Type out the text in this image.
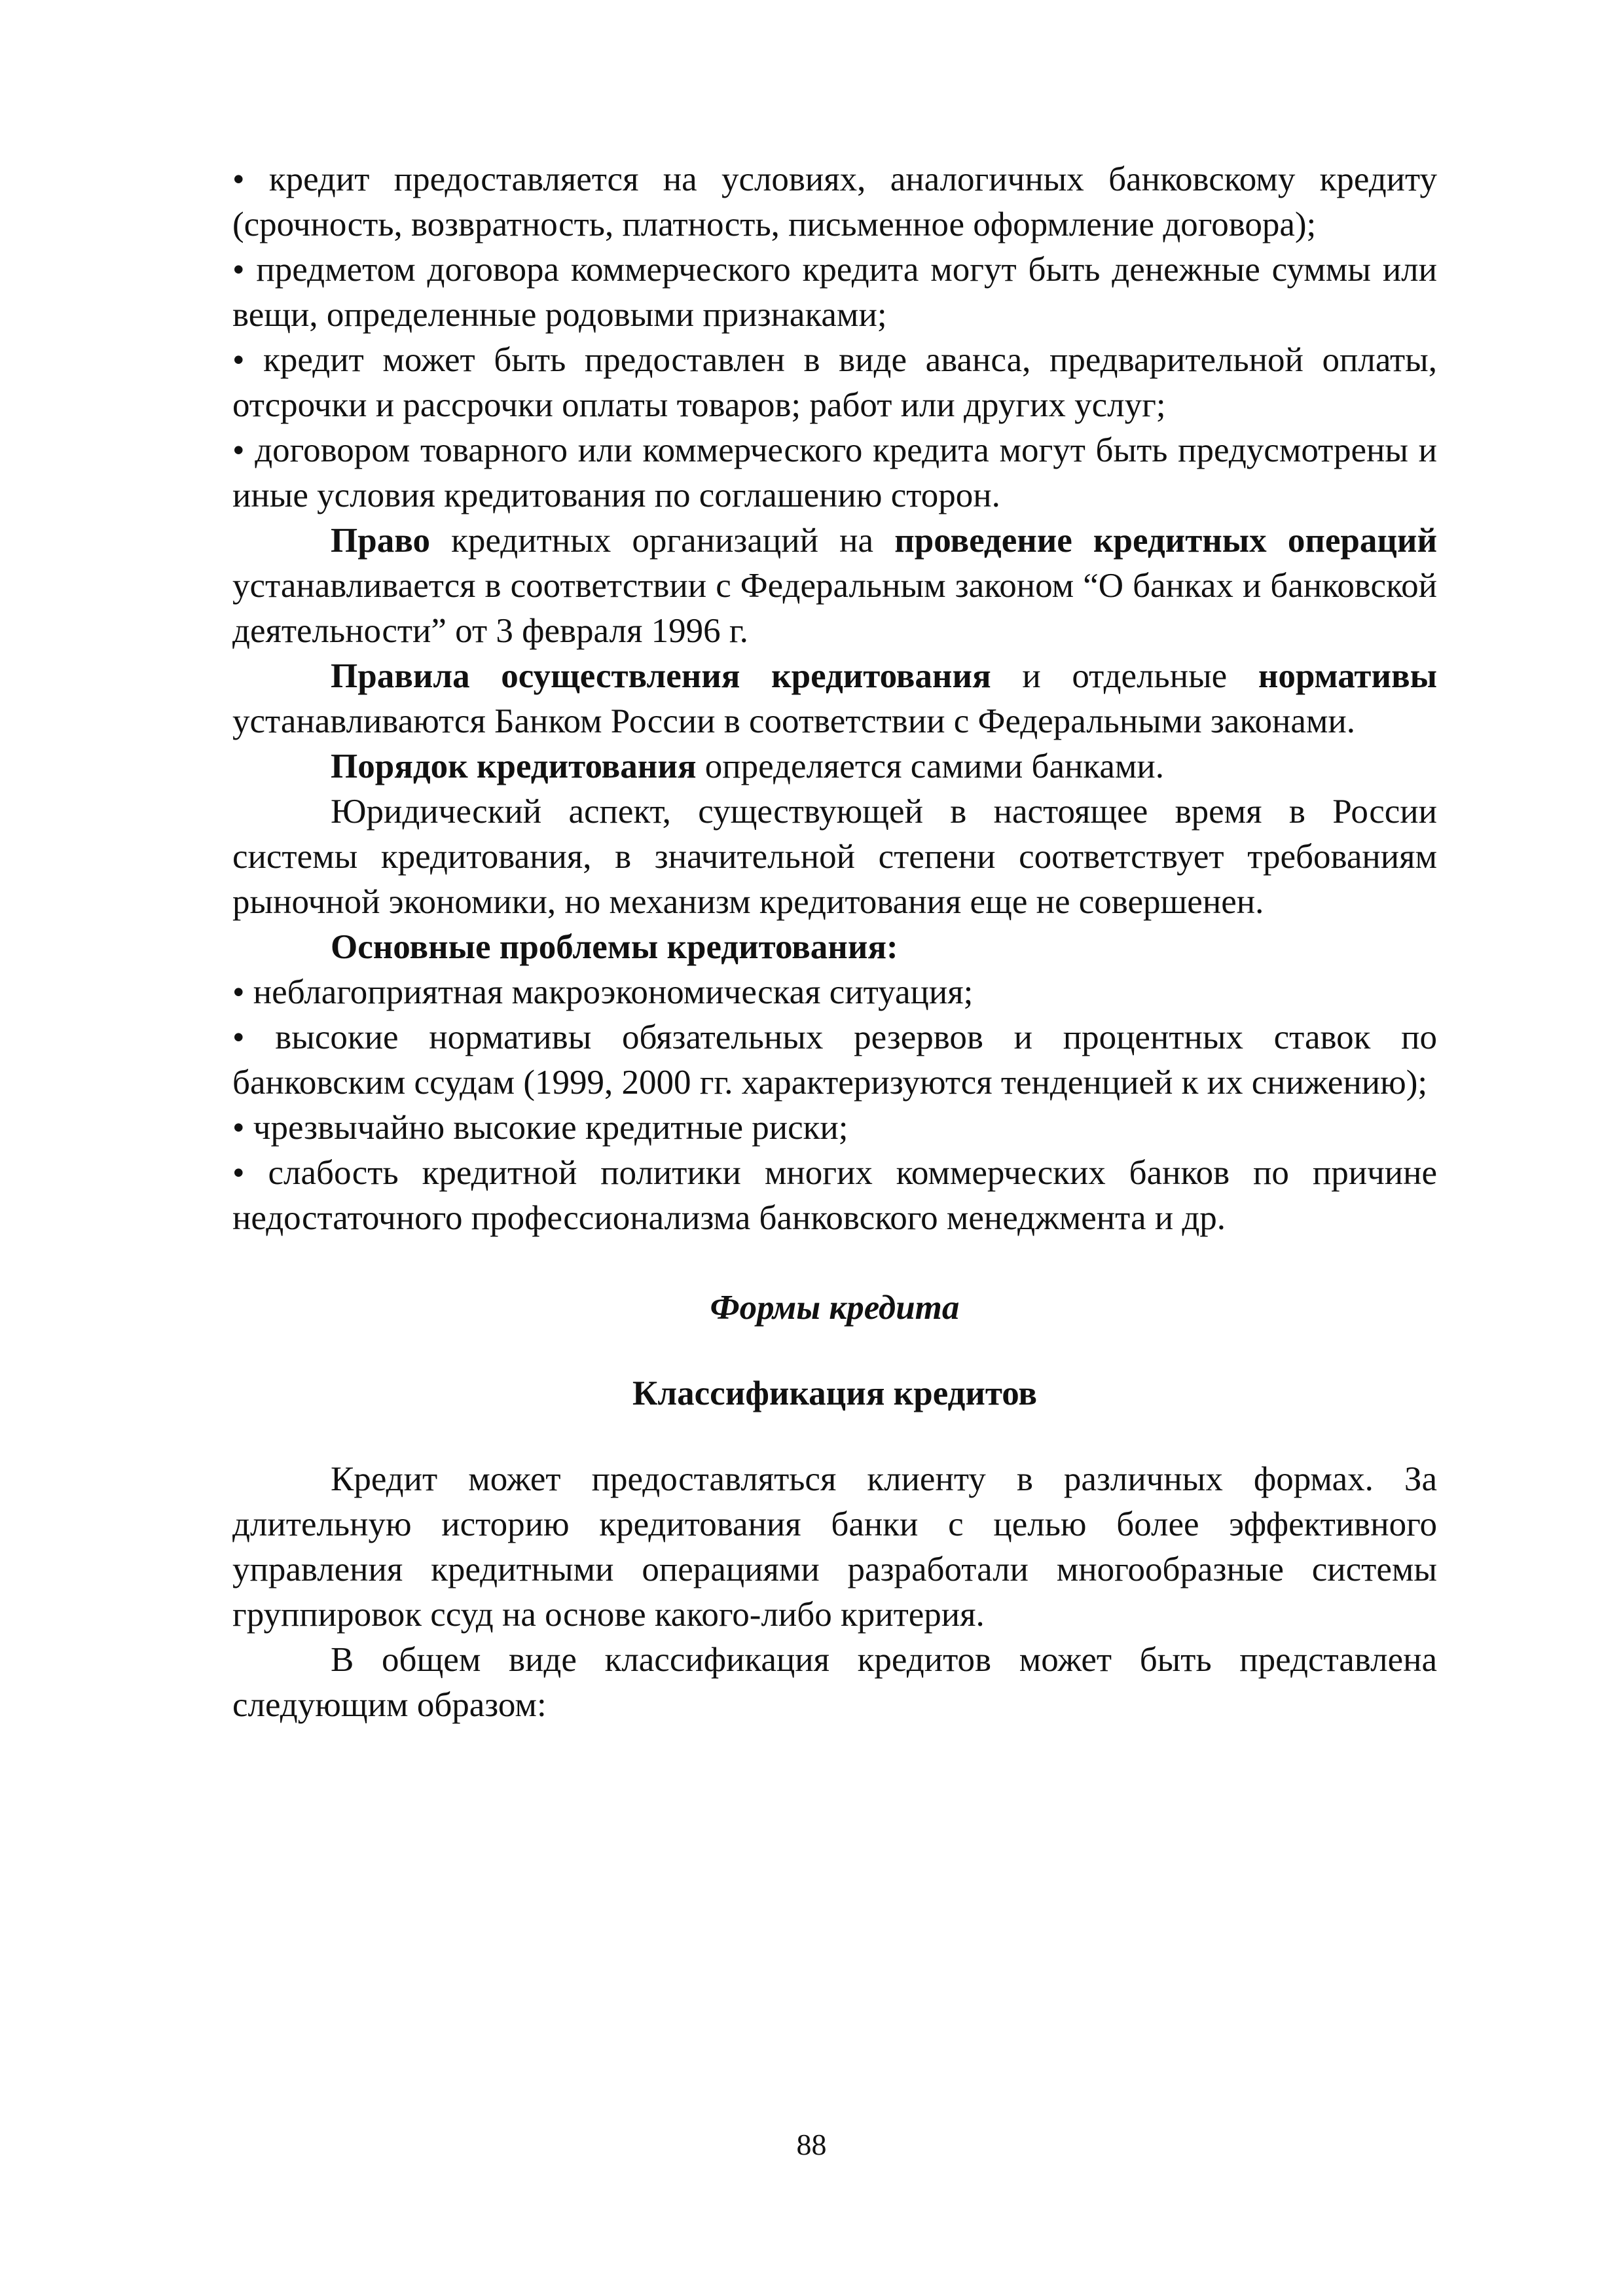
• кредит предоставляется на условиях, аналогичных банковскому кредиту (срочность, возвратность, платность, письменное оформление договора);

• предметом договора коммерческого кредита могут быть денежные суммы или вещи, определенные родовыми признаками;

• кредит может быть предоставлен в виде аванса, предварительной оплаты, отсрочки и рассрочки оплаты товаров; работ или других услуг;

• договором товарного или коммерческого кредита могут быть предусмотрены и иные условия кредитования по соглашению сторон.

Право кредитных организаций на проведение кредитных операций устанавливается в соответствии с Федеральным законом “О банках и банковской деятельности” от 3 февраля 1996 г.

Правила осуществления кредитования и отдельные нормативы устанавливаются Банком России в соответствии с Федеральными законами.

Порядок кредитования определяется самими банками.

Юридический аспект, существующей в настоящее время в России системы кредитования, в значительной степени соответствует требованиям рыночной экономики, но механизм кредитования еще не совершенен.

Основные проблемы кредитования:

• неблагоприятная макроэкономическая ситуация;

• высокие нормативы обязательных резервов и процентных ставок по банковским ссудам (1999, 2000 гг. характеризуются тенденцией к их снижению);

• чрезвычайно высокие кредитные риски;

• слабость кредитной политики многих коммерческих банков по причине недостаточного профессионализма банковского менеджмента и др.

Формы кредита

Классификация кредитов

Кредит может предоставляться клиенту в различных формах. За длительную историю кредитования банки с целью более эффективного управления кредитными операциями разработали многообразные системы группировок ссуд на основе какого-либо критерия.

В общем виде классификация кредитов может быть представлена следующим образом:

88
